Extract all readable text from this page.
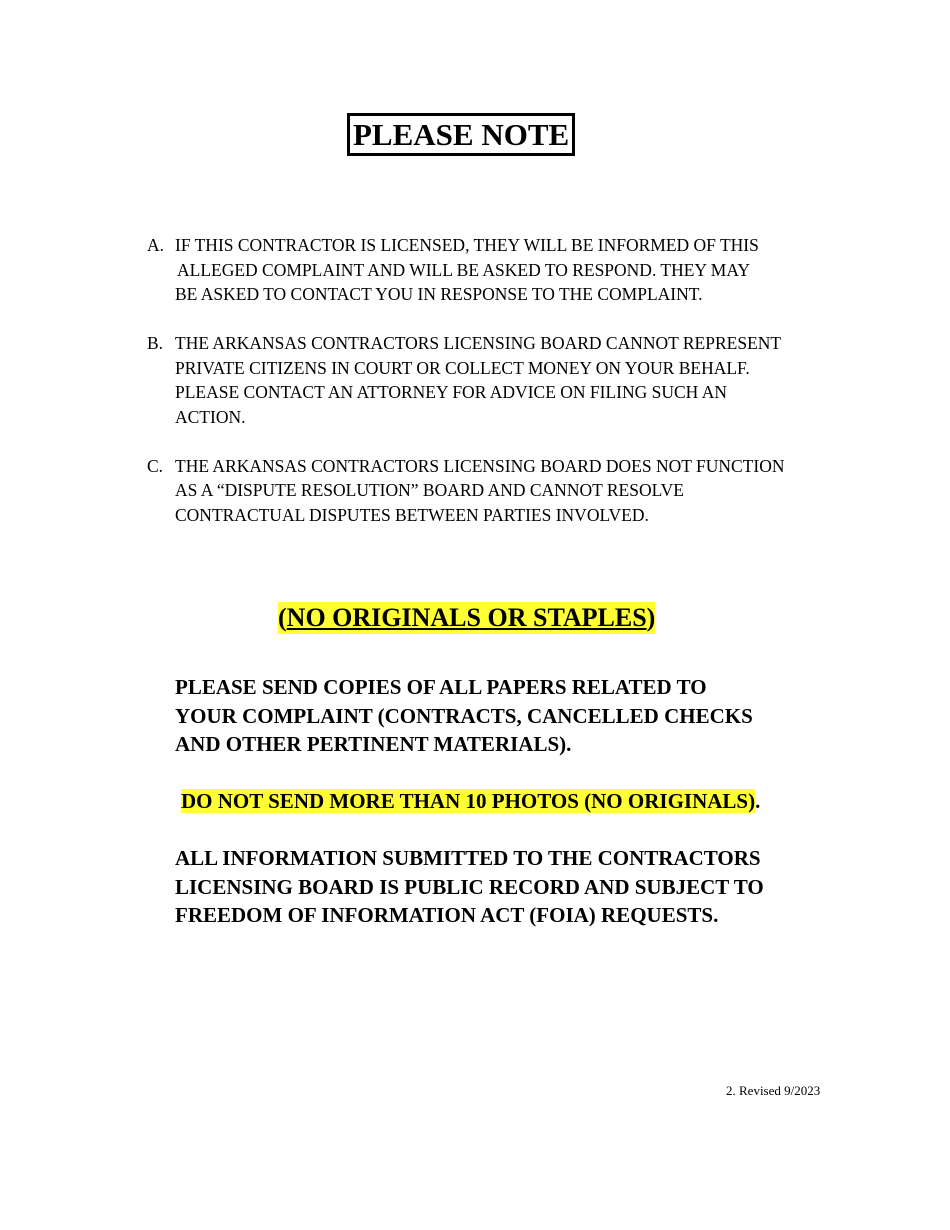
PLEASE NOTE
A. IF THIS CONTRACTOR IS LICENSED, THEY WILL BE INFORMED OF THIS
ALLEGED COMPLAINT AND WILL BE ASKED TO RESPOND. THEY MAY
BE ASKED TO CONTACT YOU IN RESPONSE TO THE COMPLAINT.
B. THE ARKANSAS CONTRACTORS LICENSING BOARD CANNOT REPRESENT
PRIVATE CITIZENS IN COURT OR COLLECT MONEY ON YOUR BEHALF.
PLEASE CONTACT AN ATTORNEY FOR ADVICE ON FILING SUCH AN
ACTION.
C. THE ARKANSAS CONTRACTORS LICENSING BOARD DOES NOT FUNCTION
AS A “DISPUTE RESOLUTION” BOARD AND CANNOT RESOLVE
CONTRACTUAL DISPUTES BETWEEN PARTIES INVOLVED.
(NO ORIGINALS OR STAPLES)
PLEASE SEND COPIES OF ALL PAPERS RELATED TO
YOUR COMPLAINT (CONTRACTS, CANCELLED CHECKS
AND OTHER PERTINENT MATERIALS).
DO NOT SEND MORE THAN 10 PHOTOS (NO ORIGINALS).
ALL INFORMATION SUBMITTED TO THE CONTRACTORS
LICENSING BOARD IS PUBLIC RECORD AND SUBJECT TO
FREEDOM OF INFORMATION ACT (FOIA) REQUESTS.
2. Revised 9/2023
